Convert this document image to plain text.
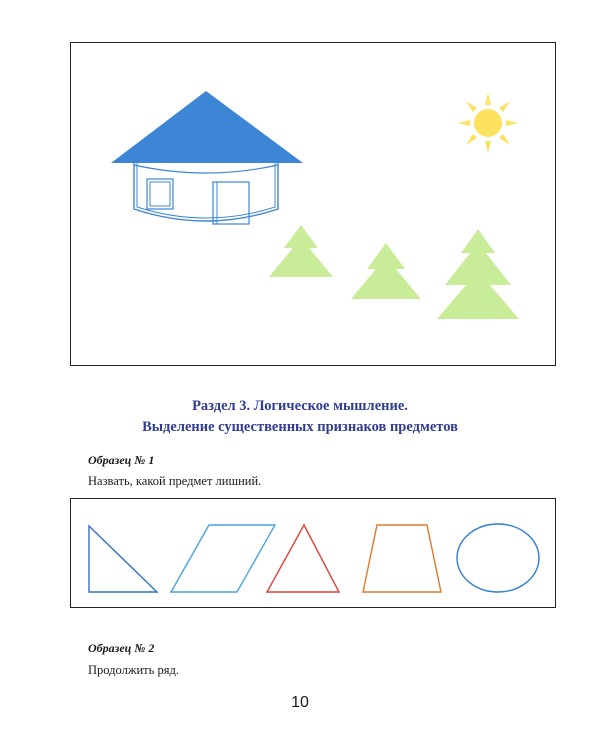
Раздел 3. Логическое мышление.
Выделение существенных признаков предметов
Образец № 1
Назвать, какой предмет лишний.
Образец № 2
Продолжить ряд.
10
